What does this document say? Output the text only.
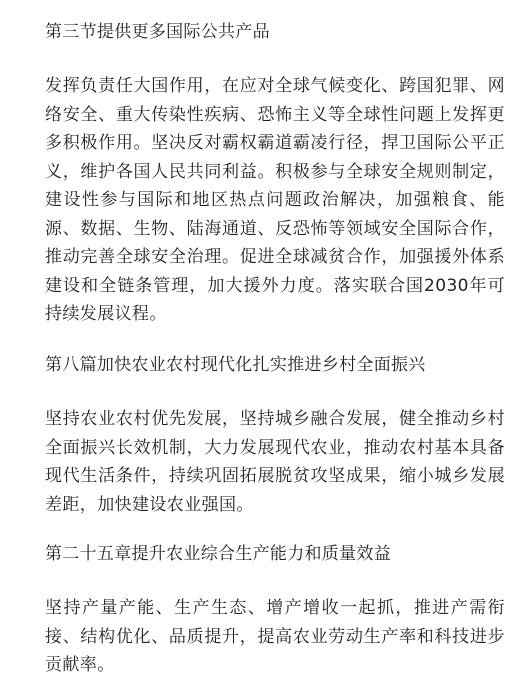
第三节提供更多国际公共产品

发挥负责任大国作用，在应对全球气候变化、跨国犯罪、网络安全、重大传染性疾病、恐怖主义等全球性问题上发挥更多积极作用。坚决反对霸权霸道霸凌行径，捍卫国际公平正义，维护各国人民共同利益。积极参与全球安全规则制定，建设性参与国际和地区热点问题政治解决，加强粮食、能源、数据、生物、陆海通道、反恐怖等领域安全国际合作，推动完善全球安全治理。促进全球减贫合作，加强援外体系建设和全链条管理，加大援外力度。落实联合国2030年可持续发展议程。

第八篇加快农业农村现代化扎实推进乡村全面振兴

坚持农业农村优先发展，坚持城乡融合发展，健全推动乡村全面振兴长效机制，大力发展现代农业，推动农村基本具备现代生活条件，持续巩固拓展脱贫攻坚成果，缩小城乡发展差距，加快建设农业强国。

第二十五章提升农业综合生产能力和质量效益

坚持产量产能、生产生态、增产增收一起抓，推进产需衔接、结构优化、品质提升，提高农业劳动生产率和科技进步贡献率。
